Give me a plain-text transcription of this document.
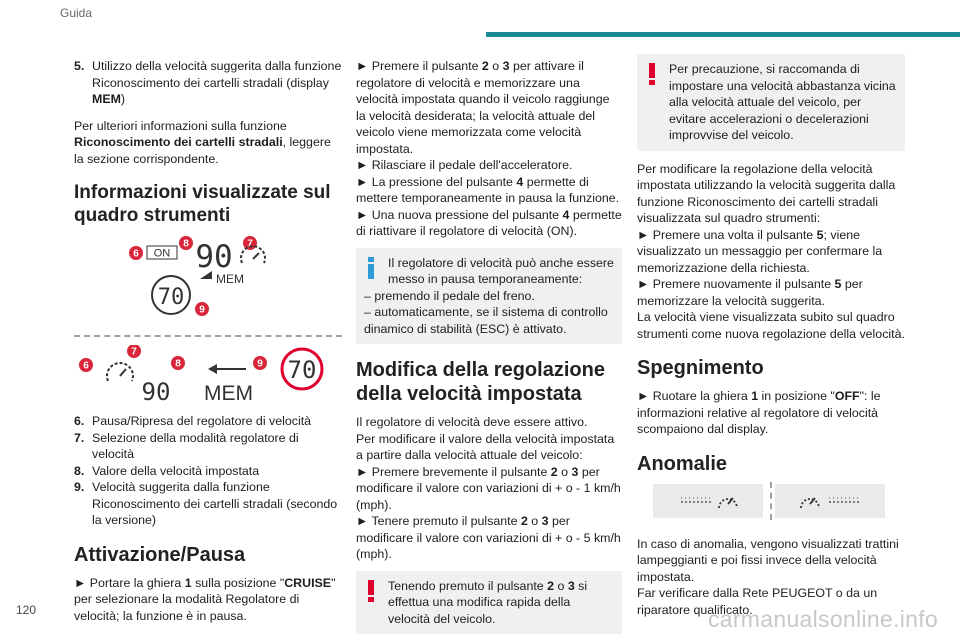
Guida
5. Utilizzo della velocità suggerita dalla funzione Riconoscimento dei cartelli stradali (display MEM)

Per ulteriori informazioni sulla funzione Riconoscimento dei cartelli stradali, leggere la sezione corrispondente.

Informazioni visualizzate sul quadro strumenti
6
8	7
ON 90
MEM
70 9
6
7
8	9
90 MEM
70
6. Pausa/Ripresa del regolatore di velocità
7. Selezione della modalità regolatore di velocità
8. Valore della velocità impostata
9. Velocità suggerita dalla funzione Riconoscimento dei cartelli stradali (secondo la versione)
Attivazione/Pausa

► Portare la ghiera 1 sulla posizione "CRUISE" per selezionare la modalità Regolatore di velocità; la funzione è in pausa.

► Premere il pulsante 2 o 3 per attivare il regolatore di velocità e memorizzare una velocità impostata quando il veicolo raggiunge la velocità desiderata; la velocità attuale del veicolo viene memorizzata come velocità impostata.
► Rilasciare il pedale dell'acceleratore.
► La pressione del pulsante 4 permette di mettere temporaneamente in pausa la funzione.
► Una nuova pressione del pulsante 4 permette di riattivare il regolatore di velocità (ON).

Il regolatore di velocità può anche essere messo in pausa temporaneamente:
– premendo il pedale del freno.
– automaticamente, se il sistema di controllo dinamico di stabilità (ESC) è attivato.
Modifica della regolazione della velocità impostata

Il regolatore di velocità deve essere attivo.
Per modificare il valore della velocità impostata a partire dalla velocità attuale del veicolo:
► Premere brevemente il pulsante 2 o 3 per modificare il valore con variazioni di + o - 1 km/h (mph).
► Tenere premuto il pulsante 2 o 3 per modificare il valore con variazioni di + o - 5 km/h (mph).

Tenendo premuto il pulsante 2 o 3 si effettua una modifica rapida della velocità del veicolo.
Per precauzione, si raccomanda di impostare una velocità abbastanza vicina alla velocità attuale del veicolo, per evitare accelerazioni o decelerazioni improvvise del veicolo.

Per modificare la regolazione della velocità impostata utilizzando la velocità suggerita dalla funzione Riconoscimento dei cartelli stradali visualizzata sul quadro strumenti:
► Premere una volta il pulsante 5; viene visualizzato un messaggio per confermare la memorizzazione della richiesta.
► Premere nuovamente il pulsante 5 per memorizzare la velocità suggerita.
La velocità viene visualizzata subito sul quadro strumenti come nuova regolazione della velocità.

Spegnimento

► Ruotare la ghiera 1 in posizione "OFF": le informazioni relative al regolatore di velocità scompaiono dal display.

Anomalie

In caso di anomalia, vengono visualizzati trattini lampeggianti e poi fissi invece della velocità impostata.
Far verificare dalla Rete PEUGEOT o da un riparatore qualificato.

120	carmanualsonline.info
